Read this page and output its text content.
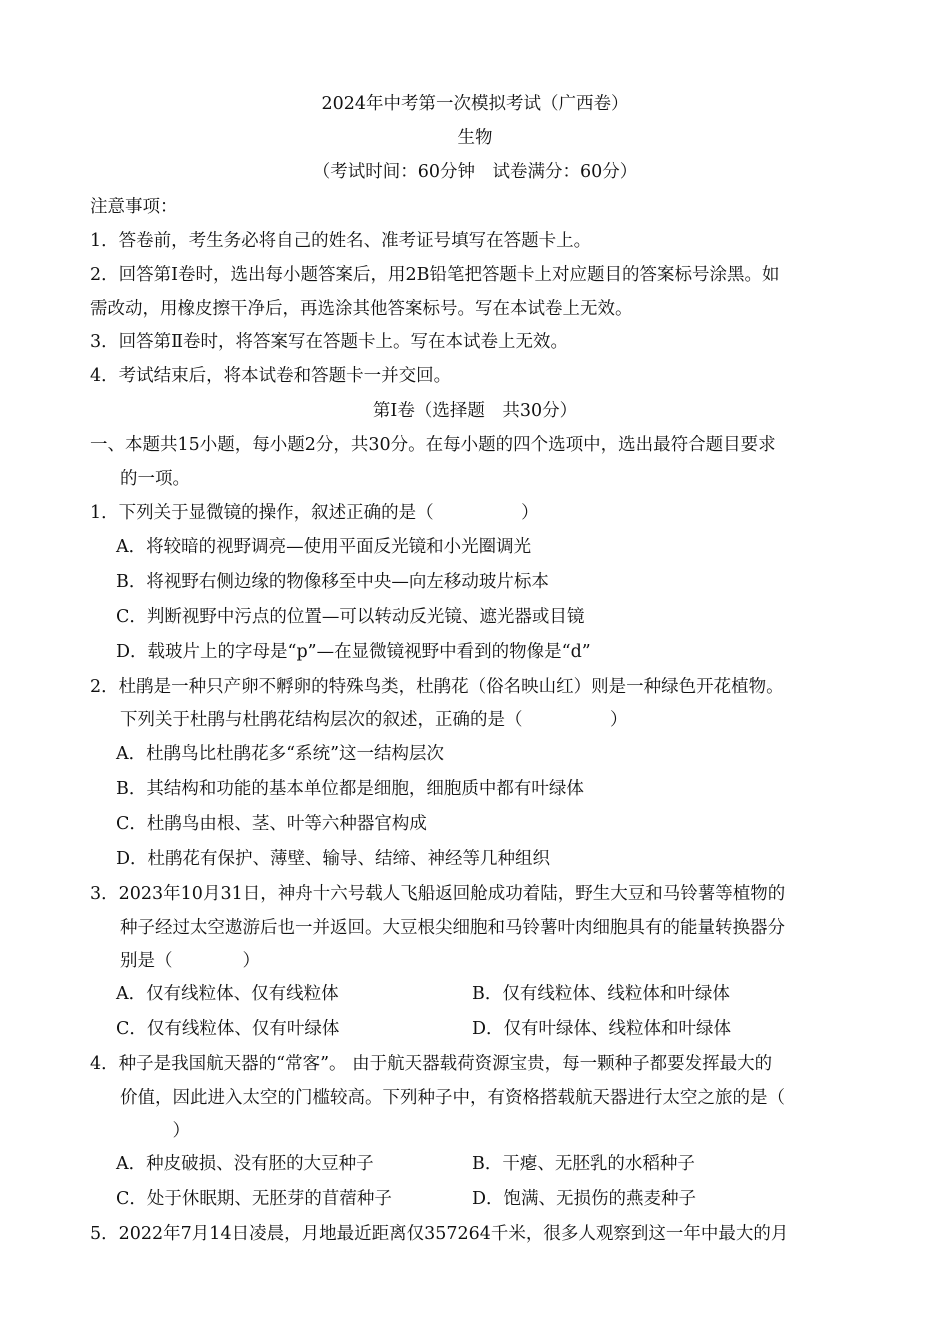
2024年中考第一次模拟考试（广西卷）
生物
（考试时间：60分钟　试卷满分：60分）
注意事项：
1．答卷前，考生务必将自己的姓名、准考证号填写在答题卡上。
2．回答第Ⅰ卷时，选出每小题答案后，用2B铅笔把答题卡上对应题目的答案标号涂黑。如
需改动，用橡皮擦干净后，再选涂其他答案标号。写在本试卷上无效。
3．回答第Ⅱ卷时，将答案写在答题卡上。写在本试卷上无效。
4．考试结束后，将本试卷和答题卡一并交回。
第Ⅰ卷（选择题　共30分）
一、本题共15小题，每小题2分，共30分。在每小题的四个选项中，选出最符合题目要求
的一项。
1．下列关于显微镜的操作，叙述正确的是（　　　　　）
A．将较暗的视野调亮—使用平面反光镜和小光圈调光
B．将视野右侧边缘的物像移至中央—向左移动玻片标本
C．判断视野中污点的位置—可以转动反光镜、遮光器或目镜
D．载玻片上的字母是“p”—在显微镜视野中看到的物像是“d”
2．杜鹃是一种只产卵不孵卵的特殊鸟类，杜鹃花（俗名映山红）则是一种绿色开花植物。
下列关于杜鹃与杜鹃花结构层次的叙述，正确的是（　　　　　）
A．杜鹃鸟比杜鹃花多“系统”这一结构层次
B．其结构和功能的基本单位都是细胞，细胞质中都有叶绿体
C．杜鹃鸟由根、茎、叶等六种器官构成
D．杜鹃花有保护、薄壁、输导、结缔、神经等几种组织
3．2023年10月31日，神舟十六号载人飞船返回舱成功着陆，野生大豆和马铃薯等植物的
种子经过太空遨游后也一并返回。大豆根尖细胞和马铃薯叶肉细胞具有的能量转换器分
别是（　　　　）
A．仅有线粒体、仅有线粒体	B．仅有线粒体、线粒体和叶绿体
C．仅有线粒体、仅有叶绿体	D．仅有叶绿体、线粒体和叶绿体
4．种子是我国航天器的“常客”。 由于航天器载荷资源宝贵，每一颗种子都要发挥最大的
价值，因此进入太空的门槛较高。下列种子中，有资格搭载航天器进行太空之旅的是（
　　　）
A．种皮破损、没有胚的大豆种子	B．干瘪、无胚乳的水稻种子
C．处于休眠期、无胚芽的苜蓿种子	D．饱满、无损伤的燕麦种子
5．2022年7月14日凌晨，月地最近距离仅357264千米，很多人观察到这一年中最大的月
